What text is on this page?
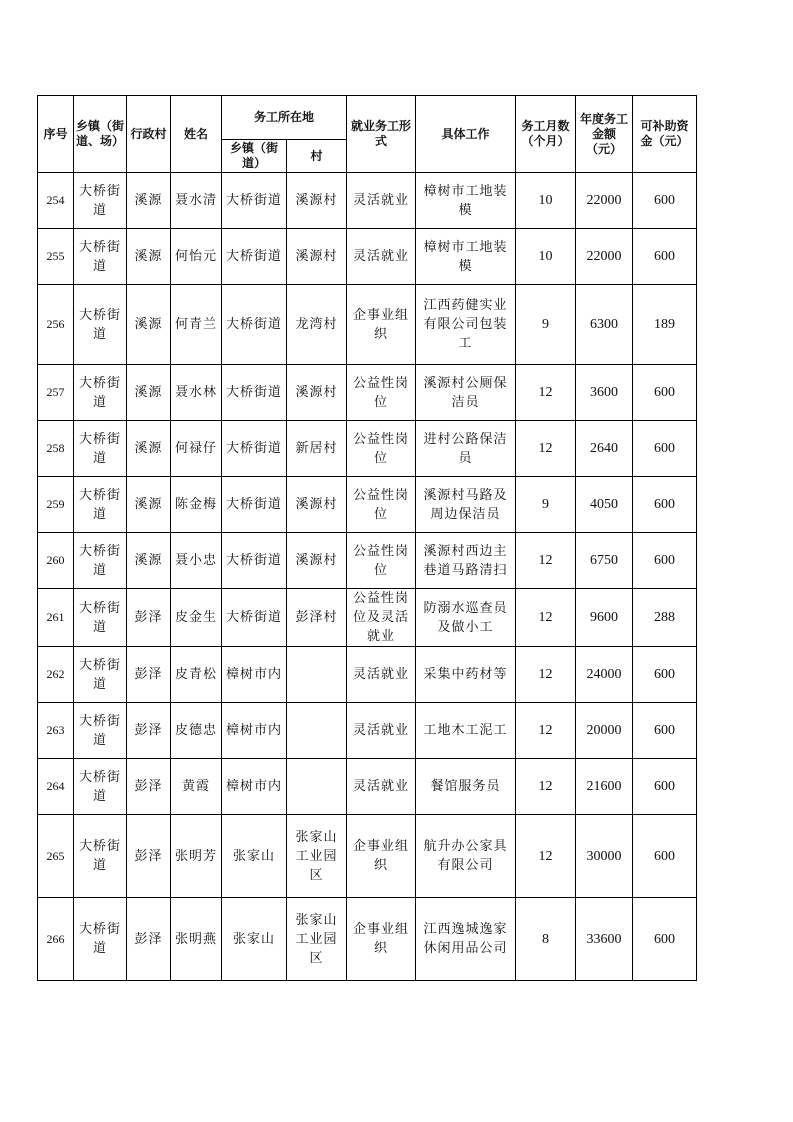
序号	乡镇（街道、场）	行政村	姓名	务工所在地		就业务工形式	具体工作	务工月数（个月）	年度务工金额（元）	可补助资金（元）

				乡镇（街道）	村					

254	大桥街道	溪源	聂水清	大桥街道	溪源村	灵活就业	樟树市工地装模	10	22000	600

255	大桥街道	溪源	何怡元	大桥街道	溪源村	灵活就业	樟树市工地装模	10	22000	600

256	大桥街道	溪源	何青兰	大桥街道	龙湾村	企事业组织	江西药健实业有限公司包装工	9	6300	189

257	大桥街道	溪源	聂水林	大桥街道	溪源村	公益性岗位	溪源村公厕保洁员	12	3600	600

258	大桥街道	溪源	何禄仔	大桥街道	新居村	公益性岗位	进村公路保洁员	12	2640	600

259	大桥街道	溪源	陈金梅	大桥街道	溪源村	公益性岗位	溪源村马路及周边保洁员	9	4050	600

260	大桥街道	溪源	聂小忠	大桥街道	溪源村	公益性岗位	溪源村西边主巷道马路清扫	12	6750	600

261	大桥街道	彭泽	皮金生	大桥街道	彭泽村	公益性岗位及灵活就业	防溺水巡查员及做小工	12	9600	288

262	大桥街道	彭泽	皮青松	樟树市内		灵活就业	采集中药材等	12	24000	600

263	大桥街道	彭泽	皮德忠	樟树市内		灵活就业	工地木工泥工	12	20000	600

264	大桥街道	彭泽	黄霞	樟树市内		灵活就业	餐馆服务员	12	21600	600

265	大桥街道	彭泽	张明芳	张家山	张家山工业园区	企事业组织	航升办公家具有限公司	12	30000	600

266	大桥街道	彭泽	张明燕	张家山	张家山工业园区	企事业组织	江西逸城逸家休闲用品公司	8	33600	600
